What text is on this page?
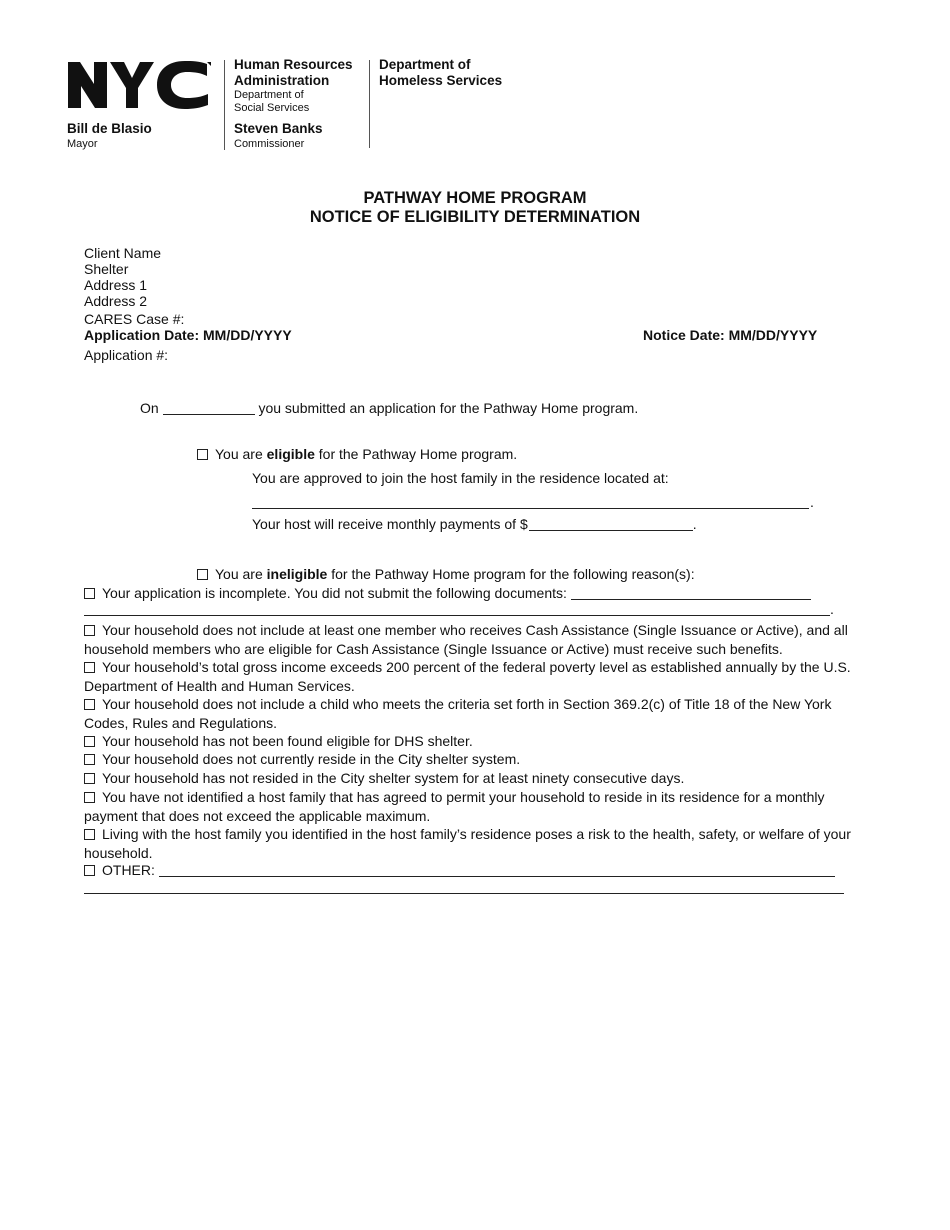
Bill de Blasio
Mayor
Human Resources
Administration
Department of
Social Services
Steven Banks
Commissioner
Department of
Homeless Services
PATHWAY HOME PROGRAM
NOTICE OF ELIGIBILITY DETERMINATION
Client Name
Shelter
Address 1
Address 2
CARES Case #:
Application Date: MM/DD/YYYY	Notice Date: MM/DD/YYYY
Application #:
On	you submitted an application for the Pathway Home program.
You are eligible for the Pathway Home program.
You are approved to join the host family in the residence located at:
.
Your host will receive monthly payments of $	.
You are ineligible for the Pathway Home program for the following reason(s):
Your application is incomplete. You did not submit the following documents:
.
Your household does not include at least one member who receives Cash Assistance (Single Issuance or Active), and all household members who are eligible for Cash Assistance (Single Issuance or Active) must receive such benefits.
Your household’s total gross income exceeds 200 percent of the federal poverty level as established annually by the U.S. Department of Health and Human Services.
Your household does not include a child who meets the criteria set forth in Section 369.2(c) of Title 18 of the New York Codes, Rules and Regulations.
Your household has not been found eligible for DHS shelter.
Your household does not currently reside in the City shelter system.
Your household has not resided in the City shelter system for at least ninety consecutive days.
You have not identified a host family that has agreed to permit your household to reside in its residence for a monthly payment that does not exceed the applicable maximum.
Living with the host family you identified in the host family’s residence poses a risk to the health, safety, or welfare of your household.
OTHER:
